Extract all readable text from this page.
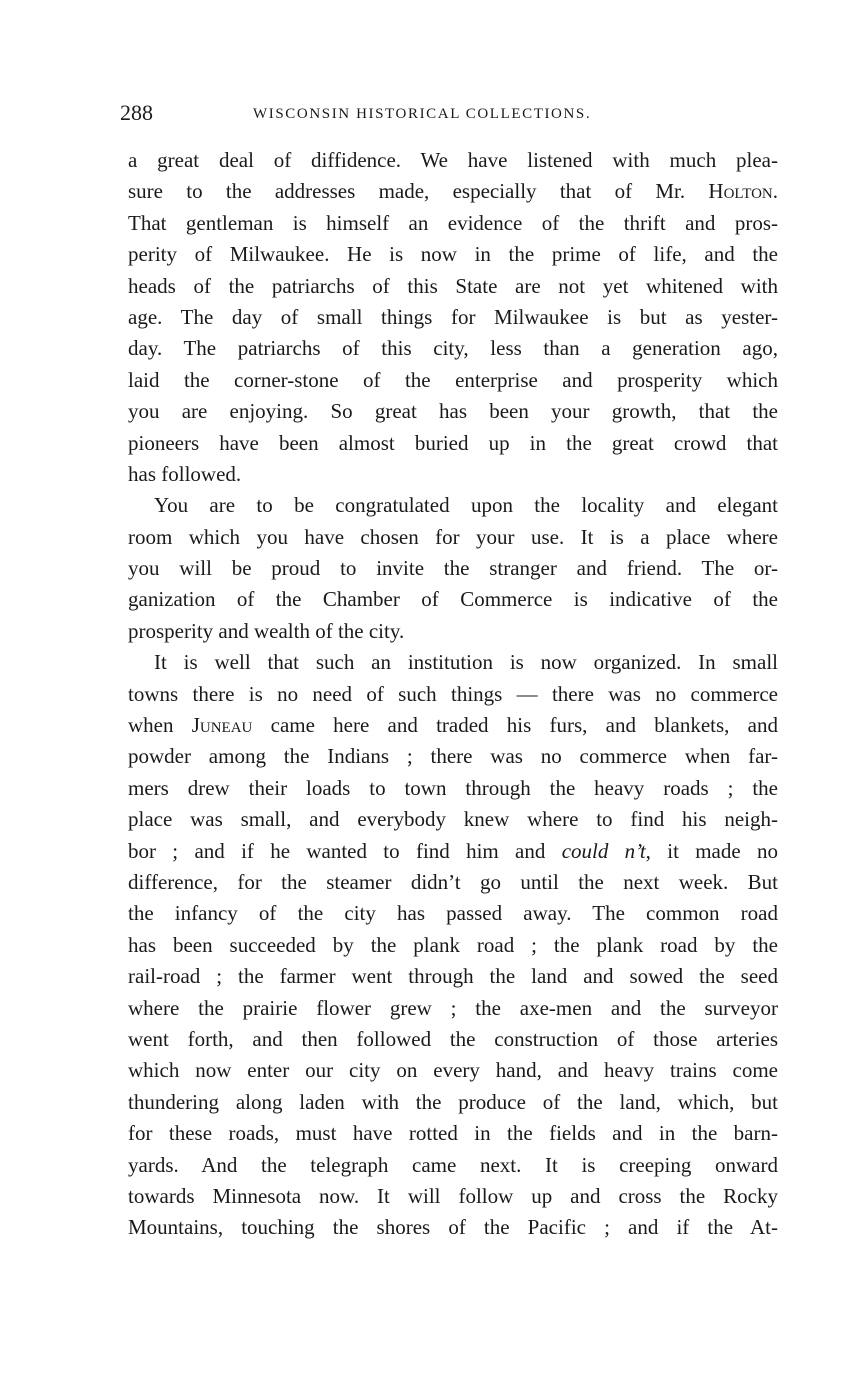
288	WISCONSIN HISTORICAL COLLECTIONS.
a great deal of diffidence. We have listened with much plea-
sure to the addresses made, especially that of Mr. Holton.
That gentleman is himself an evidence of the thrift and pros-
perity of Milwaukee. He is now in the prime of life, and the
heads of the patriarchs of this State are not yet whitened with
age. The day of small things for Milwaukee is but as yester-
day. The patriarchs of this city, less than a generation ago,
laid the corner-stone of the enterprise and prosperity which
you are enjoying. So great has been your growth, that the
pioneers have been almost buried up in the great crowd that
has followed.
You are to be congratulated upon the locality and elegant
room which you have chosen for your use. It is a place where
you will be proud to invite the stranger and friend. The or-
ganization of the Chamber of Commerce is indicative of the
prosperity and wealth of the city.
It is well that such an institution is now organized. In small
towns there is no need of such things — there was no commerce
when Juneau came here and traded his furs, and blankets, and
powder among the Indians ; there was no commerce when far-
mers drew their loads to town through the heavy roads ; the
place was small, and everybody knew where to find his neigh-
bor ; and if he wanted to find him and could n’t, it made no
difference, for the steamer didn’t go until the next week. But
the infancy of the city has passed away. The common road
has been succeeded by the plank road ; the plank road by the
rail-road ; the farmer went through the land and sowed the seed
where the prairie flower grew ; the axe-men and the surveyor
went forth, and then followed the construction of those arteries
which now enter our city on every hand, and heavy trains come
thundering along laden with the produce of the land, which, but
for these roads, must have rotted in the fields and in the barn-
yards. And the telegraph came next. It is creeping onward
towards Minnesota now. It will follow up and cross the Rocky
Mountains, touching the shores of the Pacific ; and if the At-
